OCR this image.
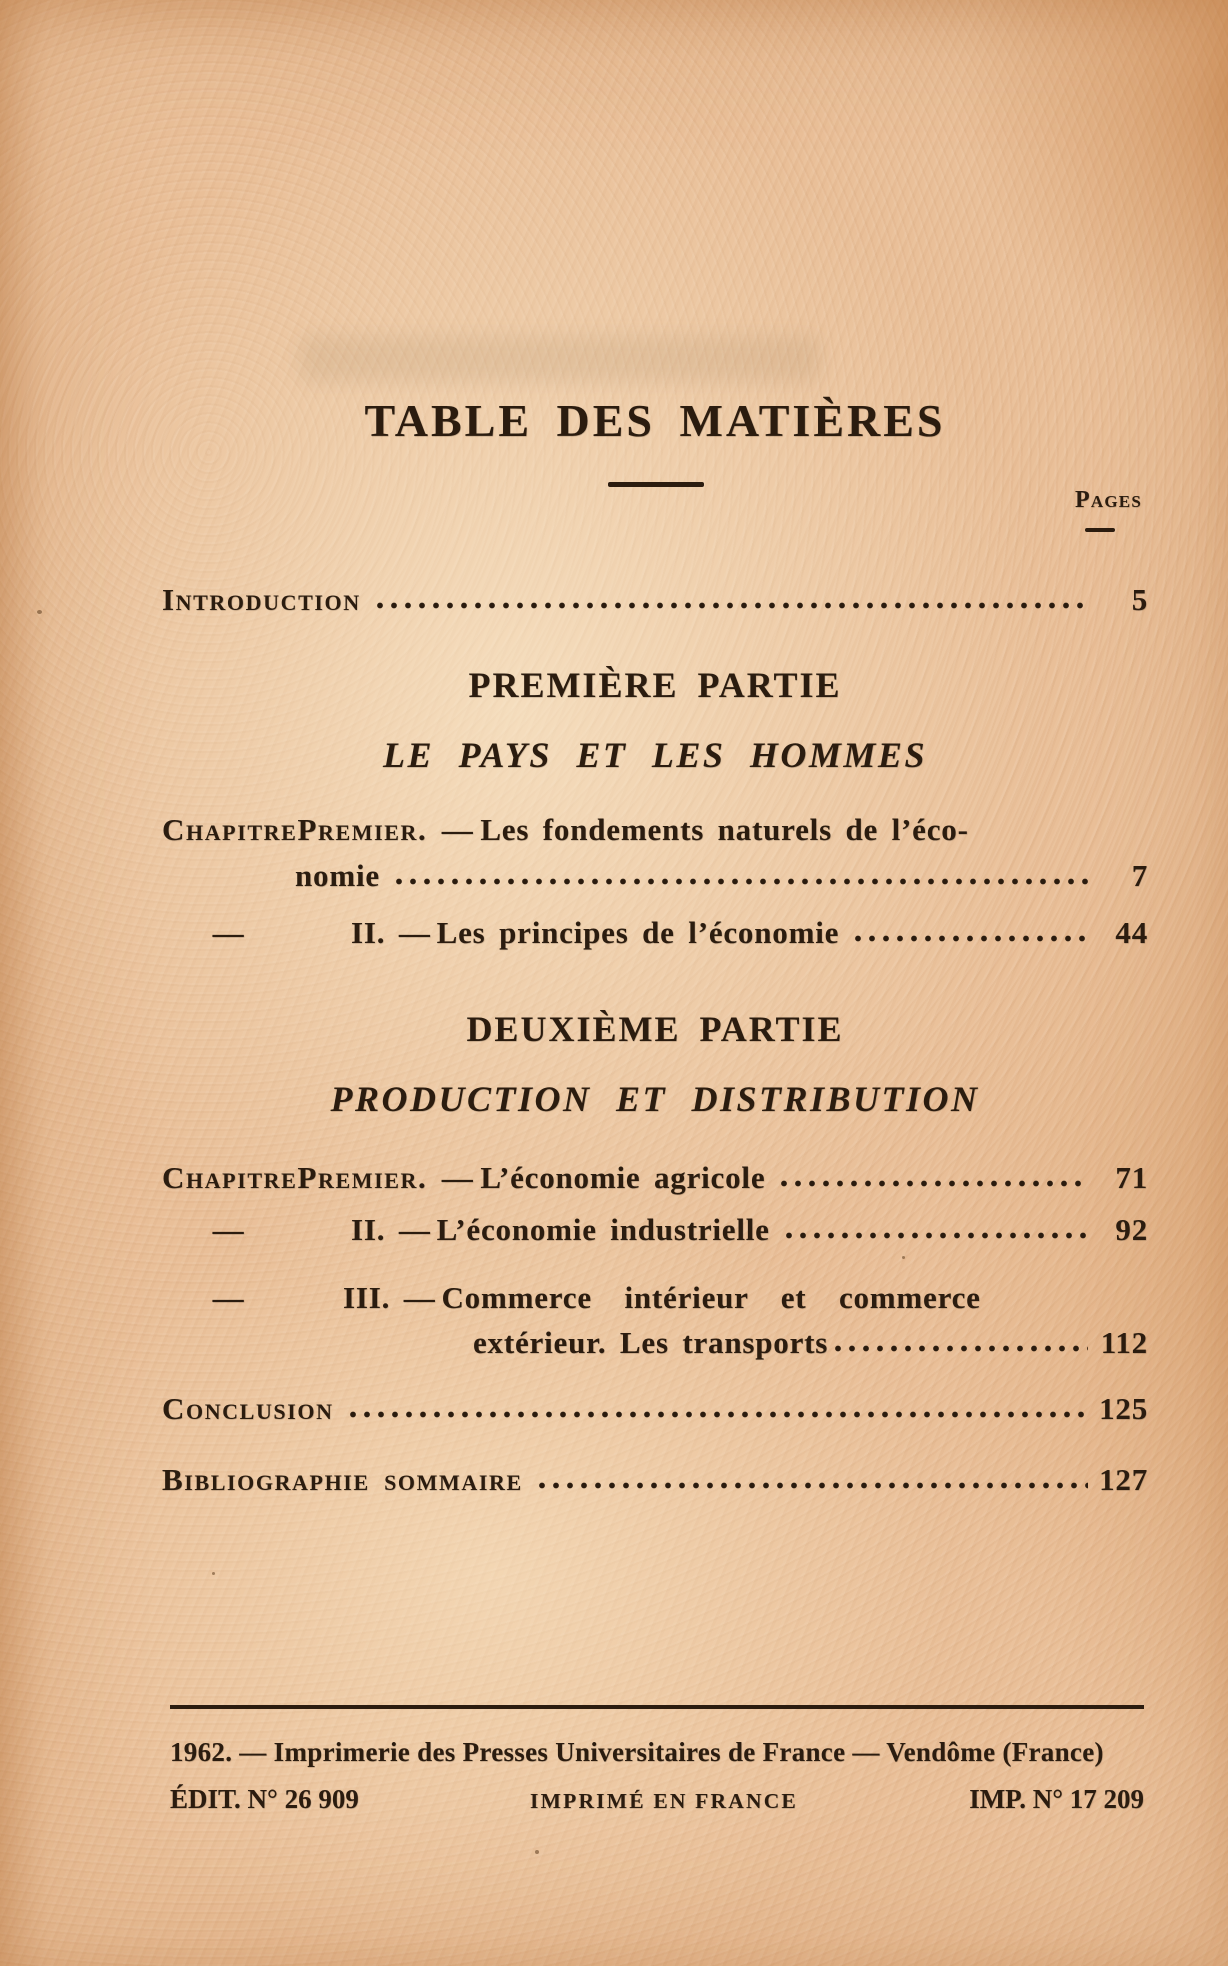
TABLE DES MATIÈRES
Pages
Introduction	5
PREMIÈRE PARTIE
LE PAYS ET LES HOMMES
Chapitre Premier. — Les fondements naturels de l’éco-
nomie	7
—	II. — Les principes de l’économie	44
DEUXIÈME PARTIE
PRODUCTION ET DISTRIBUTION
Chapitre Premier. — L’économie agricole	71
—	II. — L’économie industrielle	92
—	III. — Commerce intérieur et commerce
extérieur. Les transports	112
Conclusion	125
Bibliographie sommaire	127
1962. — Imprimerie des Presses Universitaires de France — Vendôme (France)
ÉDIT. N° 26 909	IMPRIMÉ EN FRANCE	IMP. N° 17 209
